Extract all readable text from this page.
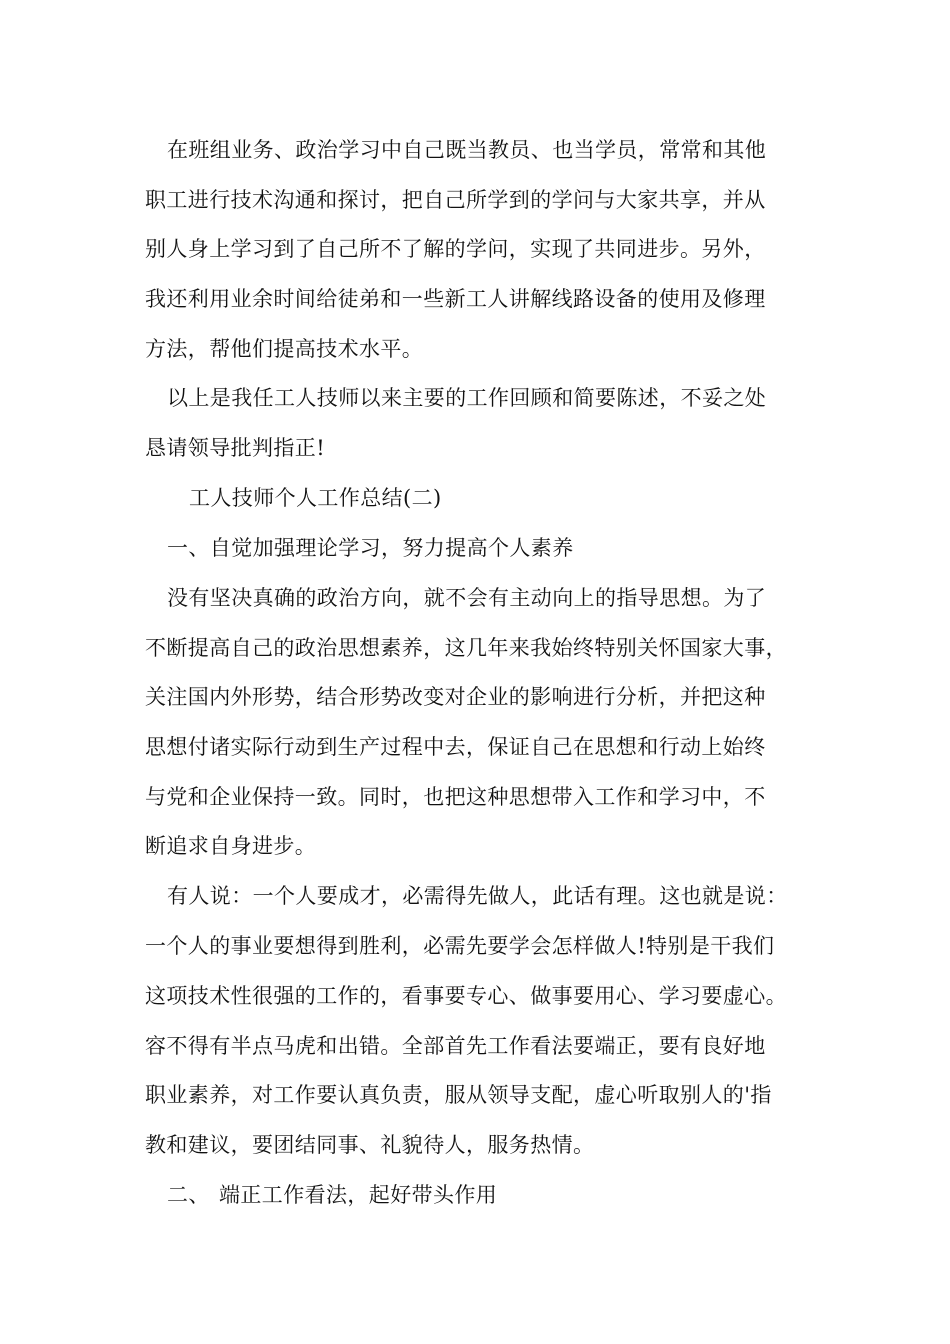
在班组业务、政治学习中自己既当教员、也当学员，常常和其他
职工进行技术沟通和探讨，把自己所学到的学问与大家共享，并从
别人身上学习到了自己所不了解的学问，实现了共同进步。另外，
我还利用业余时间给徒弟和一些新工人讲解线路设备的使用及修理
方法，帮他们提高技术水平。
以上是我任工人技师以来主要的工作回顾和简要陈述，不妥之处
恳请领导批判指正!
工人技师个人工作总结(二)
一、自觉加强理论学习，努力提高个人素养
没有坚决真确的政治方向，就不会有主动向上的指导思想。为了
不断提高自己的政治思想素养，这几年来我始终特别关怀国家大事，
关注国内外形势，结合形势改变对企业的影响进行分析，并把这种
思想付诸实际行动到生产过程中去，保证自己在思想和行动上始终
与党和企业保持一致。同时，也把这种思想带入工作和学习中，不
断追求自身进步。
有人说：一个人要成才，必需得先做人，此话有理。这也就是说：
一个人的事业要想得到胜利，必需先要学会怎样做人!特别是干我们
这项技术性很强的工作的，看事要专心、做事要用心、学习要虚心。
容不得有半点马虎和出错。全部首先工作看法要端正，要有良好地
职业素养，对工作要认真负责，服从领导支配，虚心听取别人的'指
教和建议，要团结同事、礼貌待人，服务热情。
二、 端正工作看法，起好带头作用
